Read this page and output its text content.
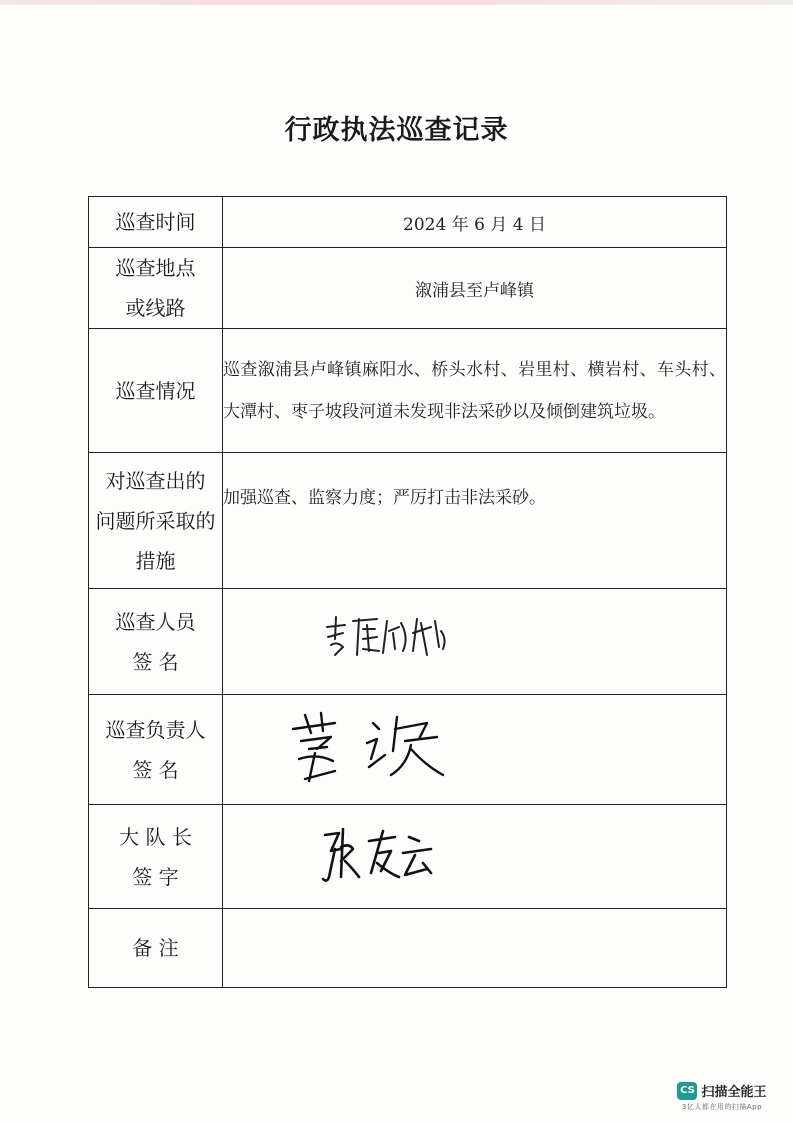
行政执法巡查记录
巡查时间	2024 年 6 月 4 日

巡查地点
或线路	溆浦县至卢峰镇
巡查情况	巡查溆浦县卢峰镇麻阳水、桥头水村、岩里村、横岩村、车头村、大潭村、枣子坡段河道未发现非法采砂以及倾倒建筑垃圾。

对巡查出的
问题所采取的
措施	加强巡查、监察力度；严厉打击非法采砂。

巡查人员
签 名

巡查负责人
签 名

大 队 长
签 字

备 注	
CS 扫描全能王
3亿人都在用的扫描App
